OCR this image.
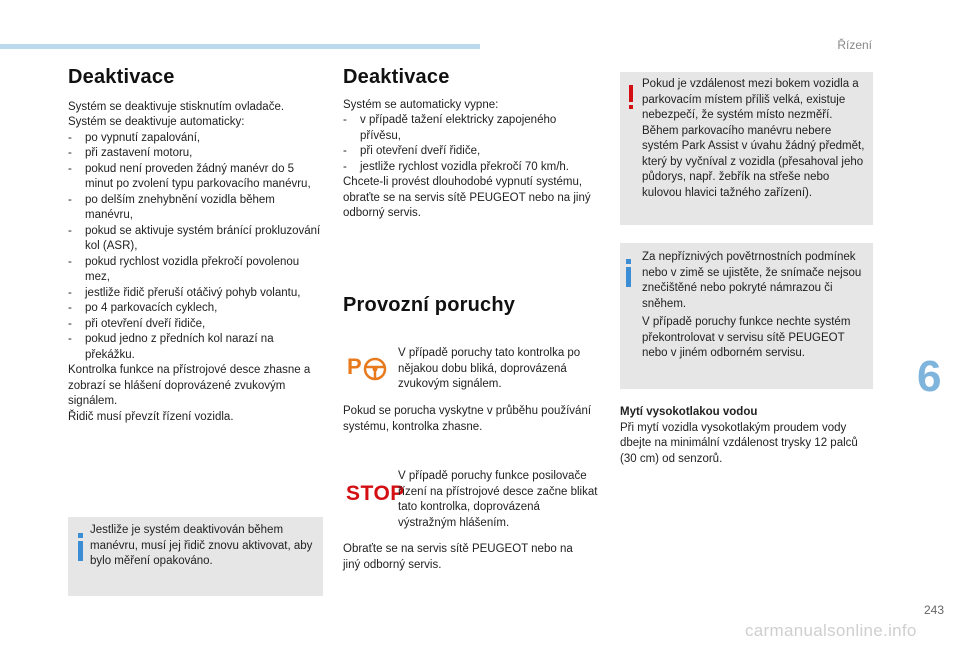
Řízení
Deaktivace

Systém se deaktivuje stisknutím ovladače.

Systém se deaktivuje automaticky:

- po vypnutí zapalování,
- při zastavení motoru,
- pokud není proveden žádný manévr do 5 minut po zvolení typu parkovacího manévru,
- po delším znehybnění vozidla během manévru,
- pokud se aktivuje systém bránící prokluzování kol (ASR),
- pokud rychlost vozidla překročí povolenou mez,
- jestliže řidič přeruší otáčivý pohyb volantu,
- po 4 parkovacích cyklech,
- při otevření dveří řidiče,
- pokud jedno z předních kol narazí na překážku.

Kontrolka funkce na přístrojové desce zhasne a zobrazí se hlášení doprovázené zvukovým signálem.

Řidič musí převzít řízení vozidla.

Jestliže je systém deaktivován během manévru, musí jej řidič znovu aktivovat, aby bylo měření opakováno.

Deaktivace

Systém se automaticky vypne:

- v případě tažení elektricky zapojeného přívěsu,
- při otevření dveří řidiče,
- jestliže rychlost vozidla překročí 70 km/h.

Chcete-li provést dlouhodobé vypnutí systému, obraťte se na servis sítě PEUGEOT nebo na jiný odborný servis.

Provozní poruchy
P

V případě poruchy tato kontrolka po nějakou dobu bliká, doprovázená zvukovým signálem.

Pokud se porucha vyskytne v průběhu používání systému, kontrolka zhasne.

STOP

V případě poruchy funkce posilovače řízení na přístrojové desce začne blikat tato kontrolka, doprovázená výstražným hlášením.

Obraťte se na servis sítě PEUGEOT nebo na jiný odborný servis.

Pokud je vzdálenost mezi bokem vozidla a parkovacím místem příliš velká, existuje nebezpečí, že systém místo nezměří. Během parkovacího manévru nebere systém Park Assist v úvahu žádný předmět, který by vyčníval z vozidla (přesahoval jeho půdorys, např. žebřík na střeše nebo kulovou hlavici tažného zařízení).

Za nepříznivých povětrnostních podmínek nebo v zimě se ujistěte, že snímače nejsou znečištěné nebo pokryté námrazou či sněhem.

V případě poruchy funkce nechte systém překontrolovat v servisu sítě PEUGEOT nebo v jiném odborném servisu.

Mytí vysokotlakou vodou

Při mytí vozidla vysokotlakým proudem vody dbejte na minimální vzdálenost trysky 12 palců (30 cm) od senzorů.

6
243
carmanualsonline.info
